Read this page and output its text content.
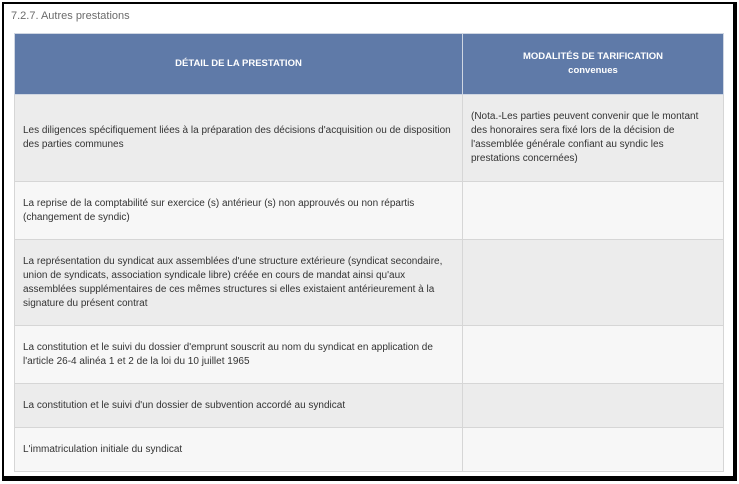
7.2.7. Autres prestations
DÉTAIL DE LA PRESTATION	MODALITÉS DE TARIFICATION
convenues

Les diligences spécifiquement liées à la préparation des décisions d'acquisition ou de disposition des parties communes	(Nota.-Les parties peuvent convenir que le montant des honoraires sera fixé lors de la décision de l'assemblée générale confiant au syndic les prestations concernées)
La reprise de la comptabilité sur exercice (s) antérieur (s) non approuvés ou non répartis (changement de syndic)	
La représentation du syndicat aux assemblées d'une structure extérieure (syndicat secondaire, union de syndicats, association syndicale libre) créée en cours de mandat ainsi qu'aux assemblées supplémentaires de ces mêmes structures si elles existaient antérieurement à la signature du présent contrat	
La constitution et le suivi du dossier d'emprunt souscrit au nom du syndicat en application de l'article 26-4 alinéa 1 et 2 de la loi du 10 juillet 1965	
La constitution et le suivi d'un dossier de subvention accordé au syndicat	
L'immatriculation initiale du syndicat	
